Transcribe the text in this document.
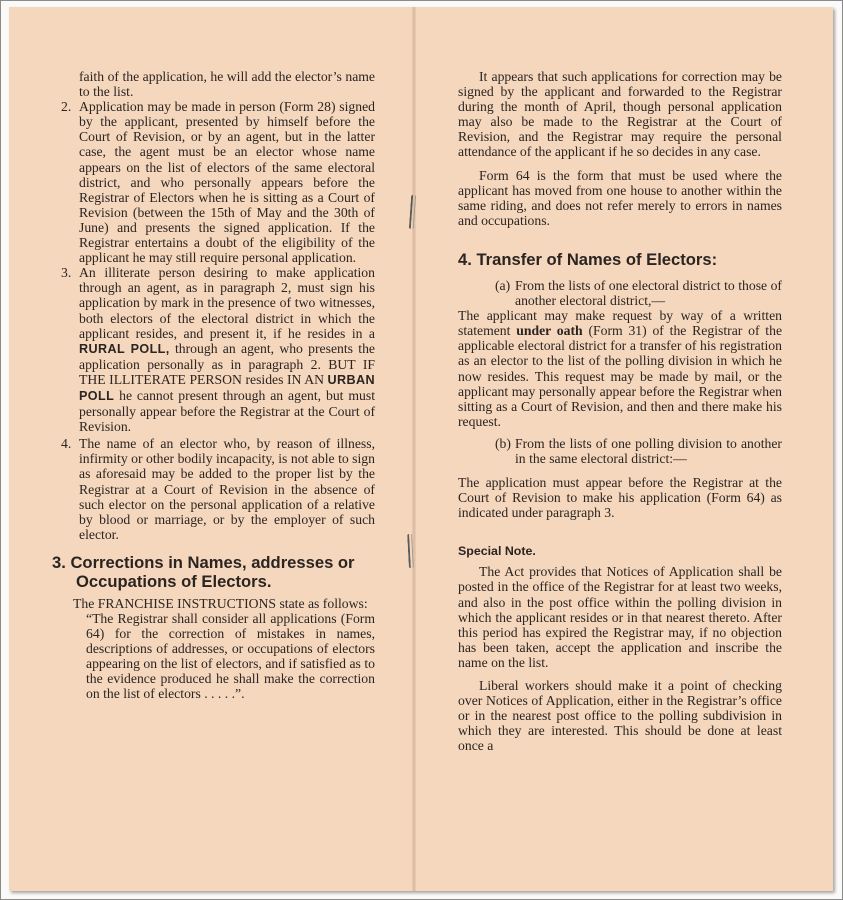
faith of the application, he will add the elector’s name to the list.

2. Application may be made in person (Form 28) signed by the applicant, presented by himself before the Court of Revision, or by an agent, but in the latter case, the agent must be an elector whose name appears on the list of electors of the same electoral district, and who personally appears before the Registrar of Electors when he is sitting as a Court of Revision (between the 15th of May and the 30th of June) and presents the signed application. If the Registrar entertains a doubt of the eligibility of the applicant he may still require personal application.

3. An illiterate person desiring to make application through an agent, as in paragraph 2, must sign his application by mark in the presence of two witnesses, both electors of the electoral district in which the applicant resides, and present it, if he resides in a RURAL POLL, through an agent, who presents the application personally as in paragraph 2. BUT IF THE ILLITERATE PERSON resides IN AN URBAN POLL he cannot present through an agent, but must personally appear before the Registrar at the Court of Revision.

4. The name of an elector who, by reason of illness, infirmity or other bodily incapacity, is not able to sign as aforesaid may be added to the proper list by the Registrar at a Court of Revision in the absence of such elector on the personal application of a relative by blood or marriage, or by the employer of such elector.

3. Corrections in Names, addresses or Occupations of Electors.

The FRANCHISE INSTRUCTIONS state as follows:

“The Registrar shall consider all applications (Form 64) for the correction of mistakes in names, descriptions of addresses, or occupations of electors appearing on the list of electors, and if satisfied as to the evidence produced he shall make the correction on the list of electors . . . . .”.

It appears that such applications for correction may be signed by the applicant and forwarded to the Registrar during the month of April, though personal application may also be made to the Registrar at the Court of Revision, and the Registrar may require the personal attendance of the applicant if he so decides in any case.

Form 64 is the form that must be used where the applicant has moved from one house to another within the same riding, and does not refer merely to errors in names and occupations.

4. Transfer of Names of Electors:
(a) From the lists of one electoral district to those of another electoral district,—

The applicant may make request by way of a written statement under oath (Form 31) of the Registrar of the applicable electoral district for a transfer of his registration as an elector to the list of the polling division in which he now resides. This request may be made by mail, or the applicant may personally appear before the Registrar when sitting as a Court of Revision, and then and there make his request.

(b) From the lists of one polling division to another in the same electoral district:—

The application must appear before the Registrar at the Court of Revision to make his application (Form 64) as indicated under paragraph 3.

Special Note.

The Act provides that Notices of Application shall be posted in the office of the Registrar for at least two weeks, and also in the post office within the polling division in which the applicant resides or in that nearest thereto. After this period has expired the Registrar may, if no objection has been taken, accept the application and inscribe the name on the list.

Liberal workers should make it a point of checking over Notices of Application, either in the Registrar’s office or in the nearest post office to the polling subdivision in which they are interested. This should be done at least once a
